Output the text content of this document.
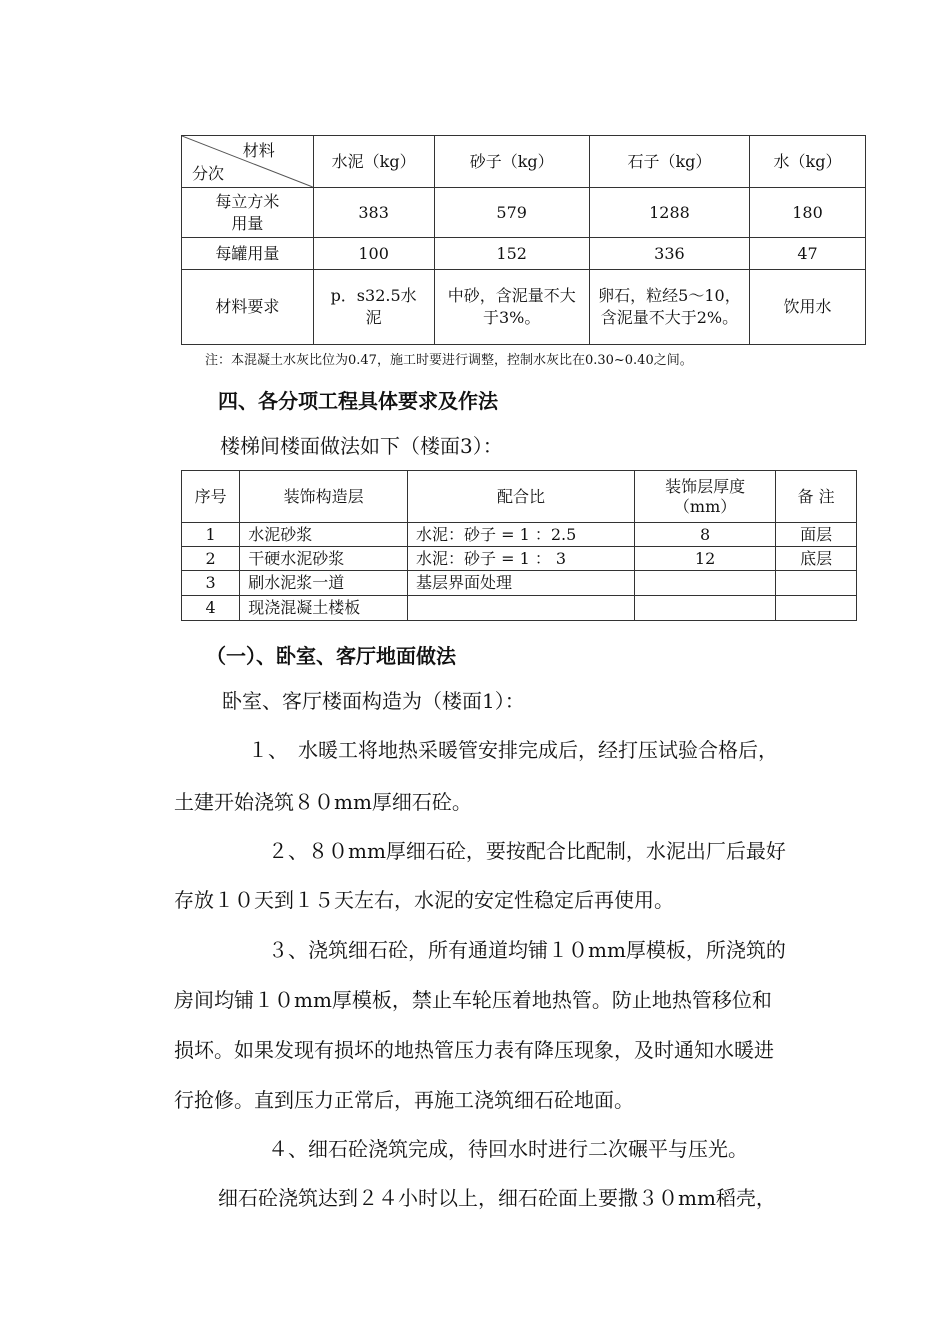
材料
分次	水泥（kg）	砂子（kg）	石子（kg）	水（kg）
每立方米用量	383	579	1288	180
每罐用量	100	152	336	47
材料要求	p．s32.5水泥	中砂，含泥量不大于3%。	卵石，粒经5～10，含泥量不大于2%。	饮用水
注：本混凝土水灰比位为0.47，施工时要进行调整，控制水灰比在0.30~0.40之间。
四、各分项工程具体要求及作法
楼梯间楼面做法如下（楼面3）：
序号	装饰构造层	配合比	装饰层厚度（mm）	备 注
1	水泥砂浆	水泥：砂子 = 1 ：2.5	8	面层
2	干硬水泥砂浆	水泥：砂子 = 1 ： 3	12	底层
3	刷水泥浆一道	基层界面处理		
4	现浇混凝土楼板			
（一）、卧室、客厅地面做法
卧室、客厅楼面构造为（楼面1）：
１、　水暖工将地热采暖管安排完成后，经打压试验合格后，
土建开始浇筑８０mm厚细石砼。
２、８０mm厚细石砼，要按配合比配制，水泥出厂后最好
存放１０天到１５天左右，水泥的安定性稳定后再使用。
３、浇筑细石砼，所有通道均铺１０mm厚模板，所浇筑的
房间均铺１０mm厚模板，禁止车轮压着地热管。防止地热管移位和
损坏。如果发现有损坏的地热管压力表有降压现象，及时通知水暖进
行抢修。直到压力正常后，再施工浇筑细石砼地面。
４、细石砼浇筑完成，待回水时进行二次碾平与压光。
细石砼浇筑达到２４小时以上，细石砼面上要撒３０mm稻壳，
